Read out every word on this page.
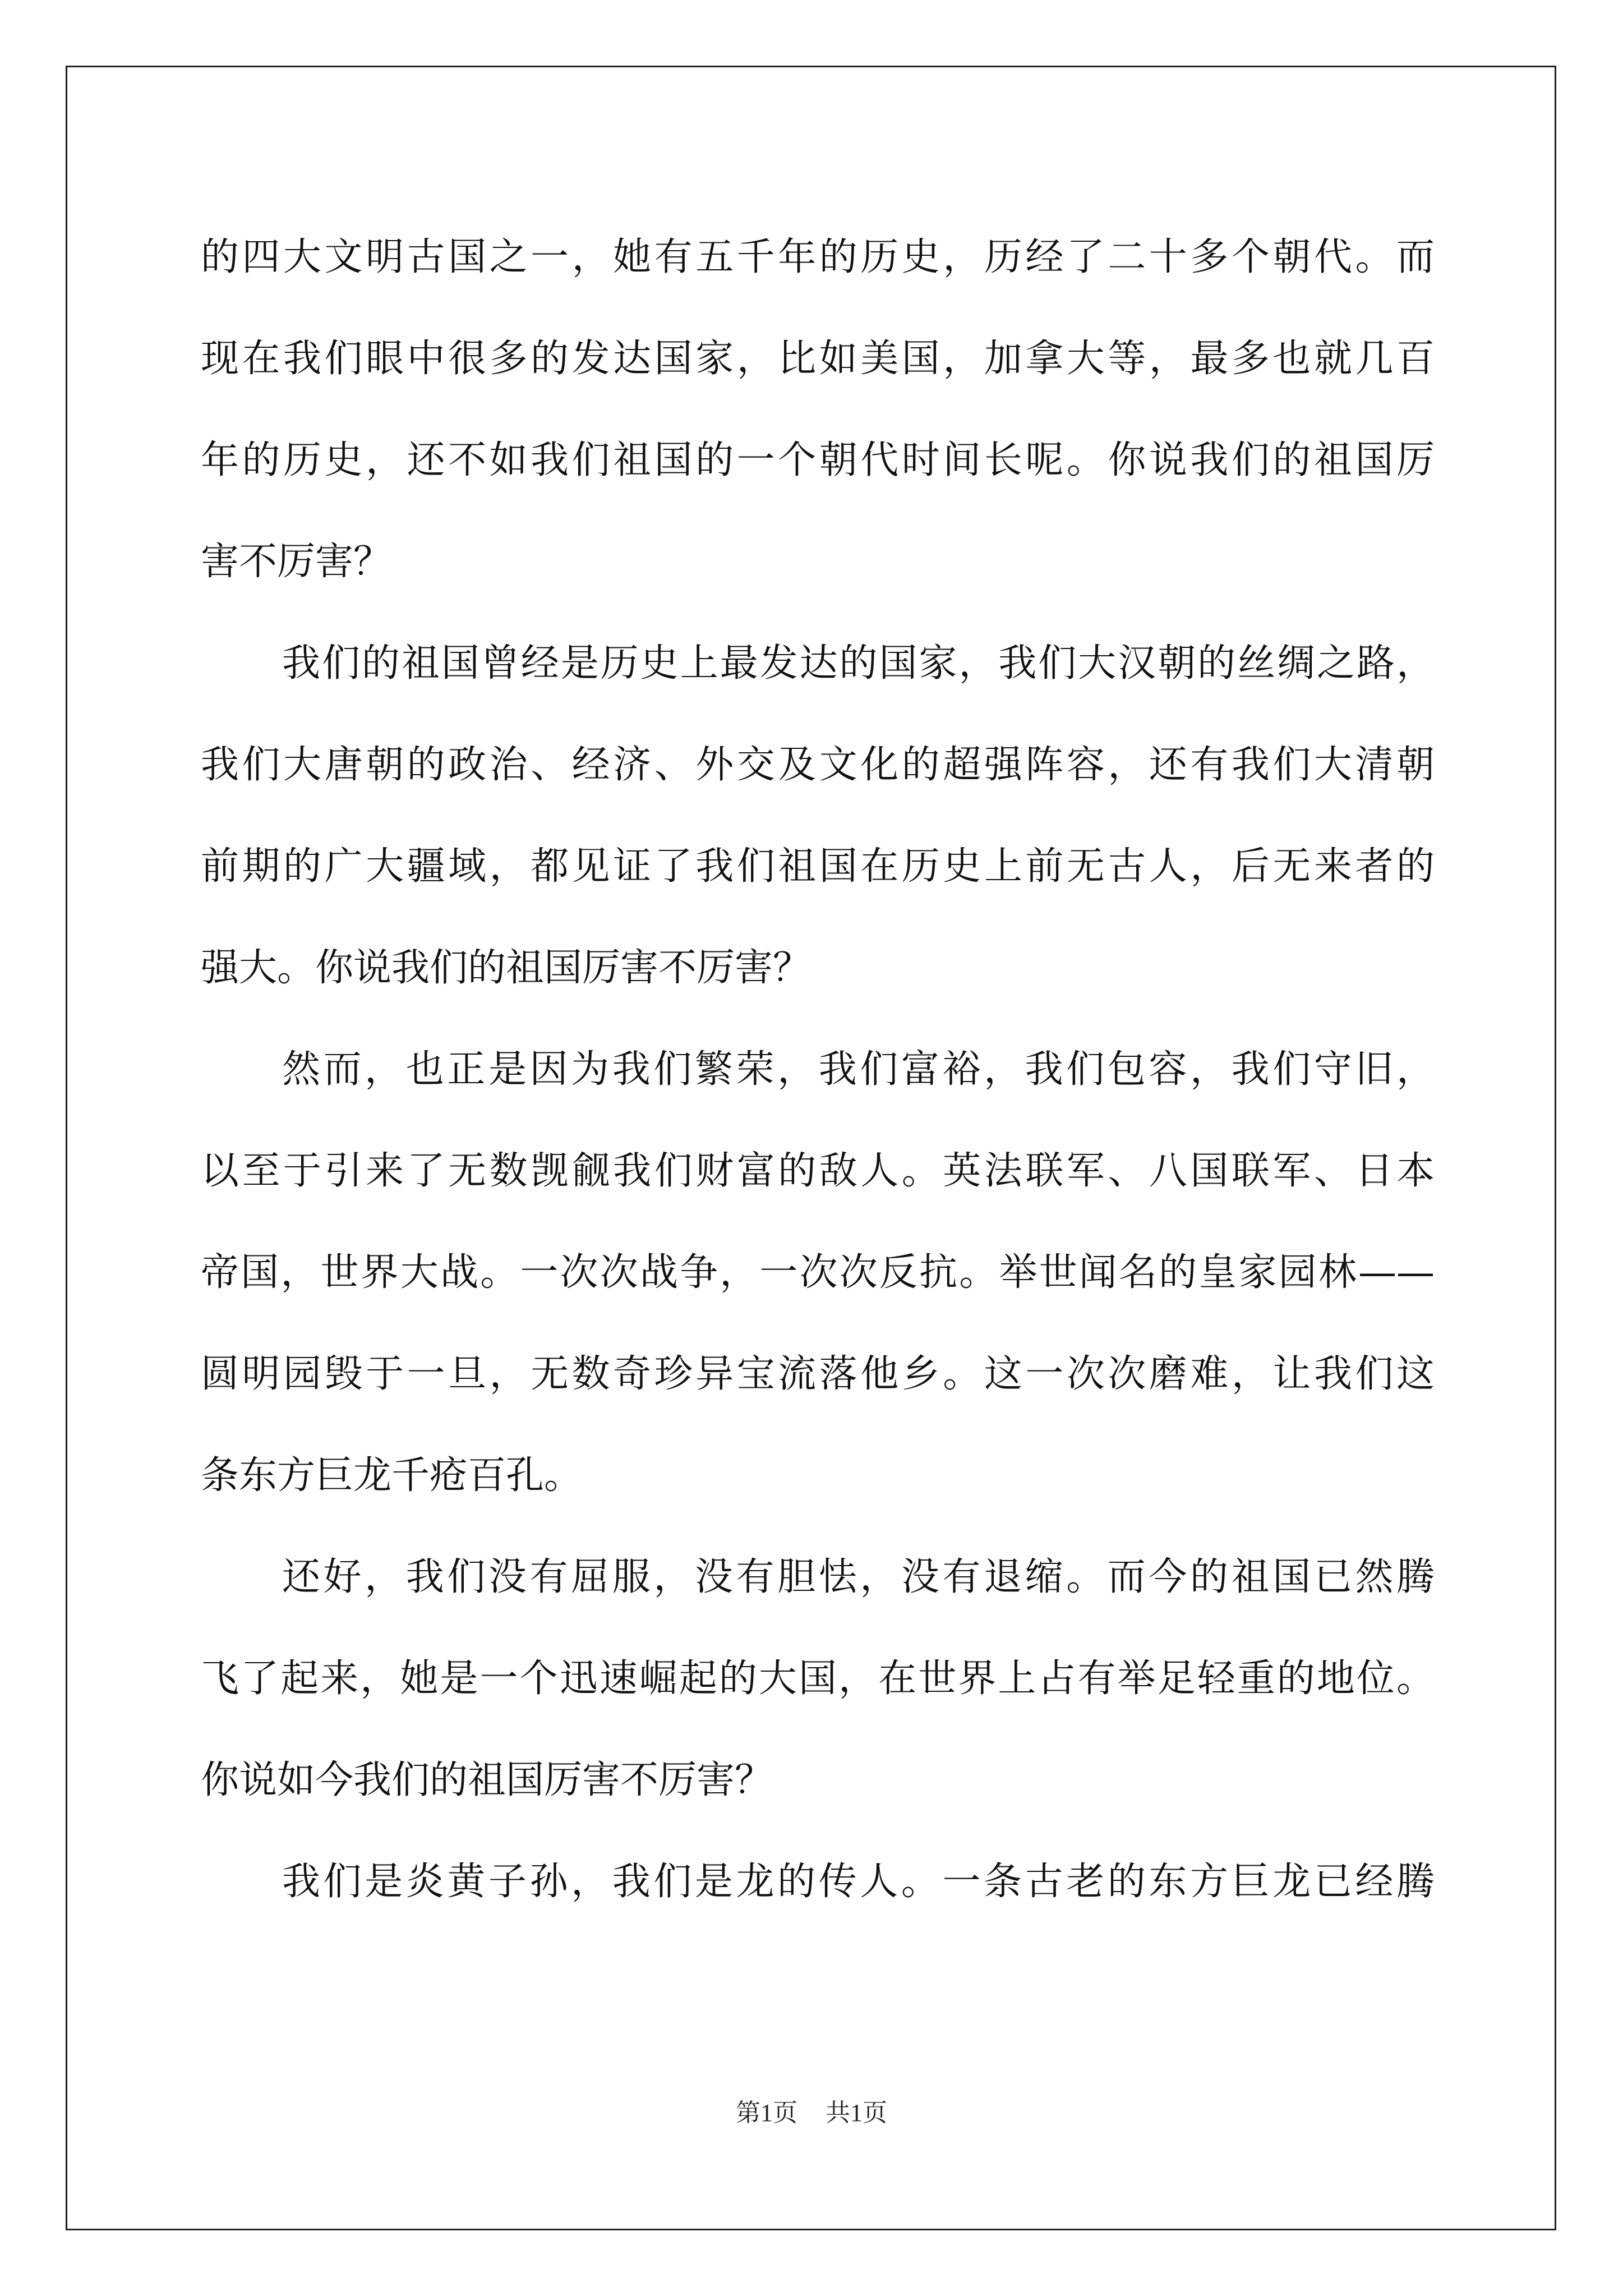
的四大文明古国之一，她有五千年的历史，历经了二十多个朝代。而
现在我们眼中很多的发达国家，比如美国，加拿大等，最多也就几百
年的历史，还不如我们祖国的一个朝代时间长呢。你说我们的祖国厉
害不厉害？
我们的祖国曾经是历史上最发达的国家，我们大汉朝的丝绸之路，
我们大唐朝的政治、经济、外交及文化的超强阵容，还有我们大清朝
前期的广大疆域，都见证了我们祖国在历史上前无古人，后无来者的
强大。你说我们的祖国厉害不厉害？
然而，也正是因为我们繁荣，我们富裕，我们包容，我们守旧，
以至于引来了无数觊觎我们财富的敌人。英法联军、八国联军、日本
帝国，世界大战。一次次战争，一次次反抗。举世闻名的皇家园林——
圆明园毁于一旦，无数奇珍异宝流落他乡。这一次次磨难，让我们这
条东方巨龙千疮百孔。
还好，我们没有屈服，没有胆怯，没有退缩。而今的祖国已然腾
飞了起来，她是一个迅速崛起的大国，在世界上占有举足轻重的地位。
你说如今我们的祖国厉害不厉害？
我们是炎黄子孙，我们是龙的传人。一条古老的东方巨龙已经腾
第1页 共1页
